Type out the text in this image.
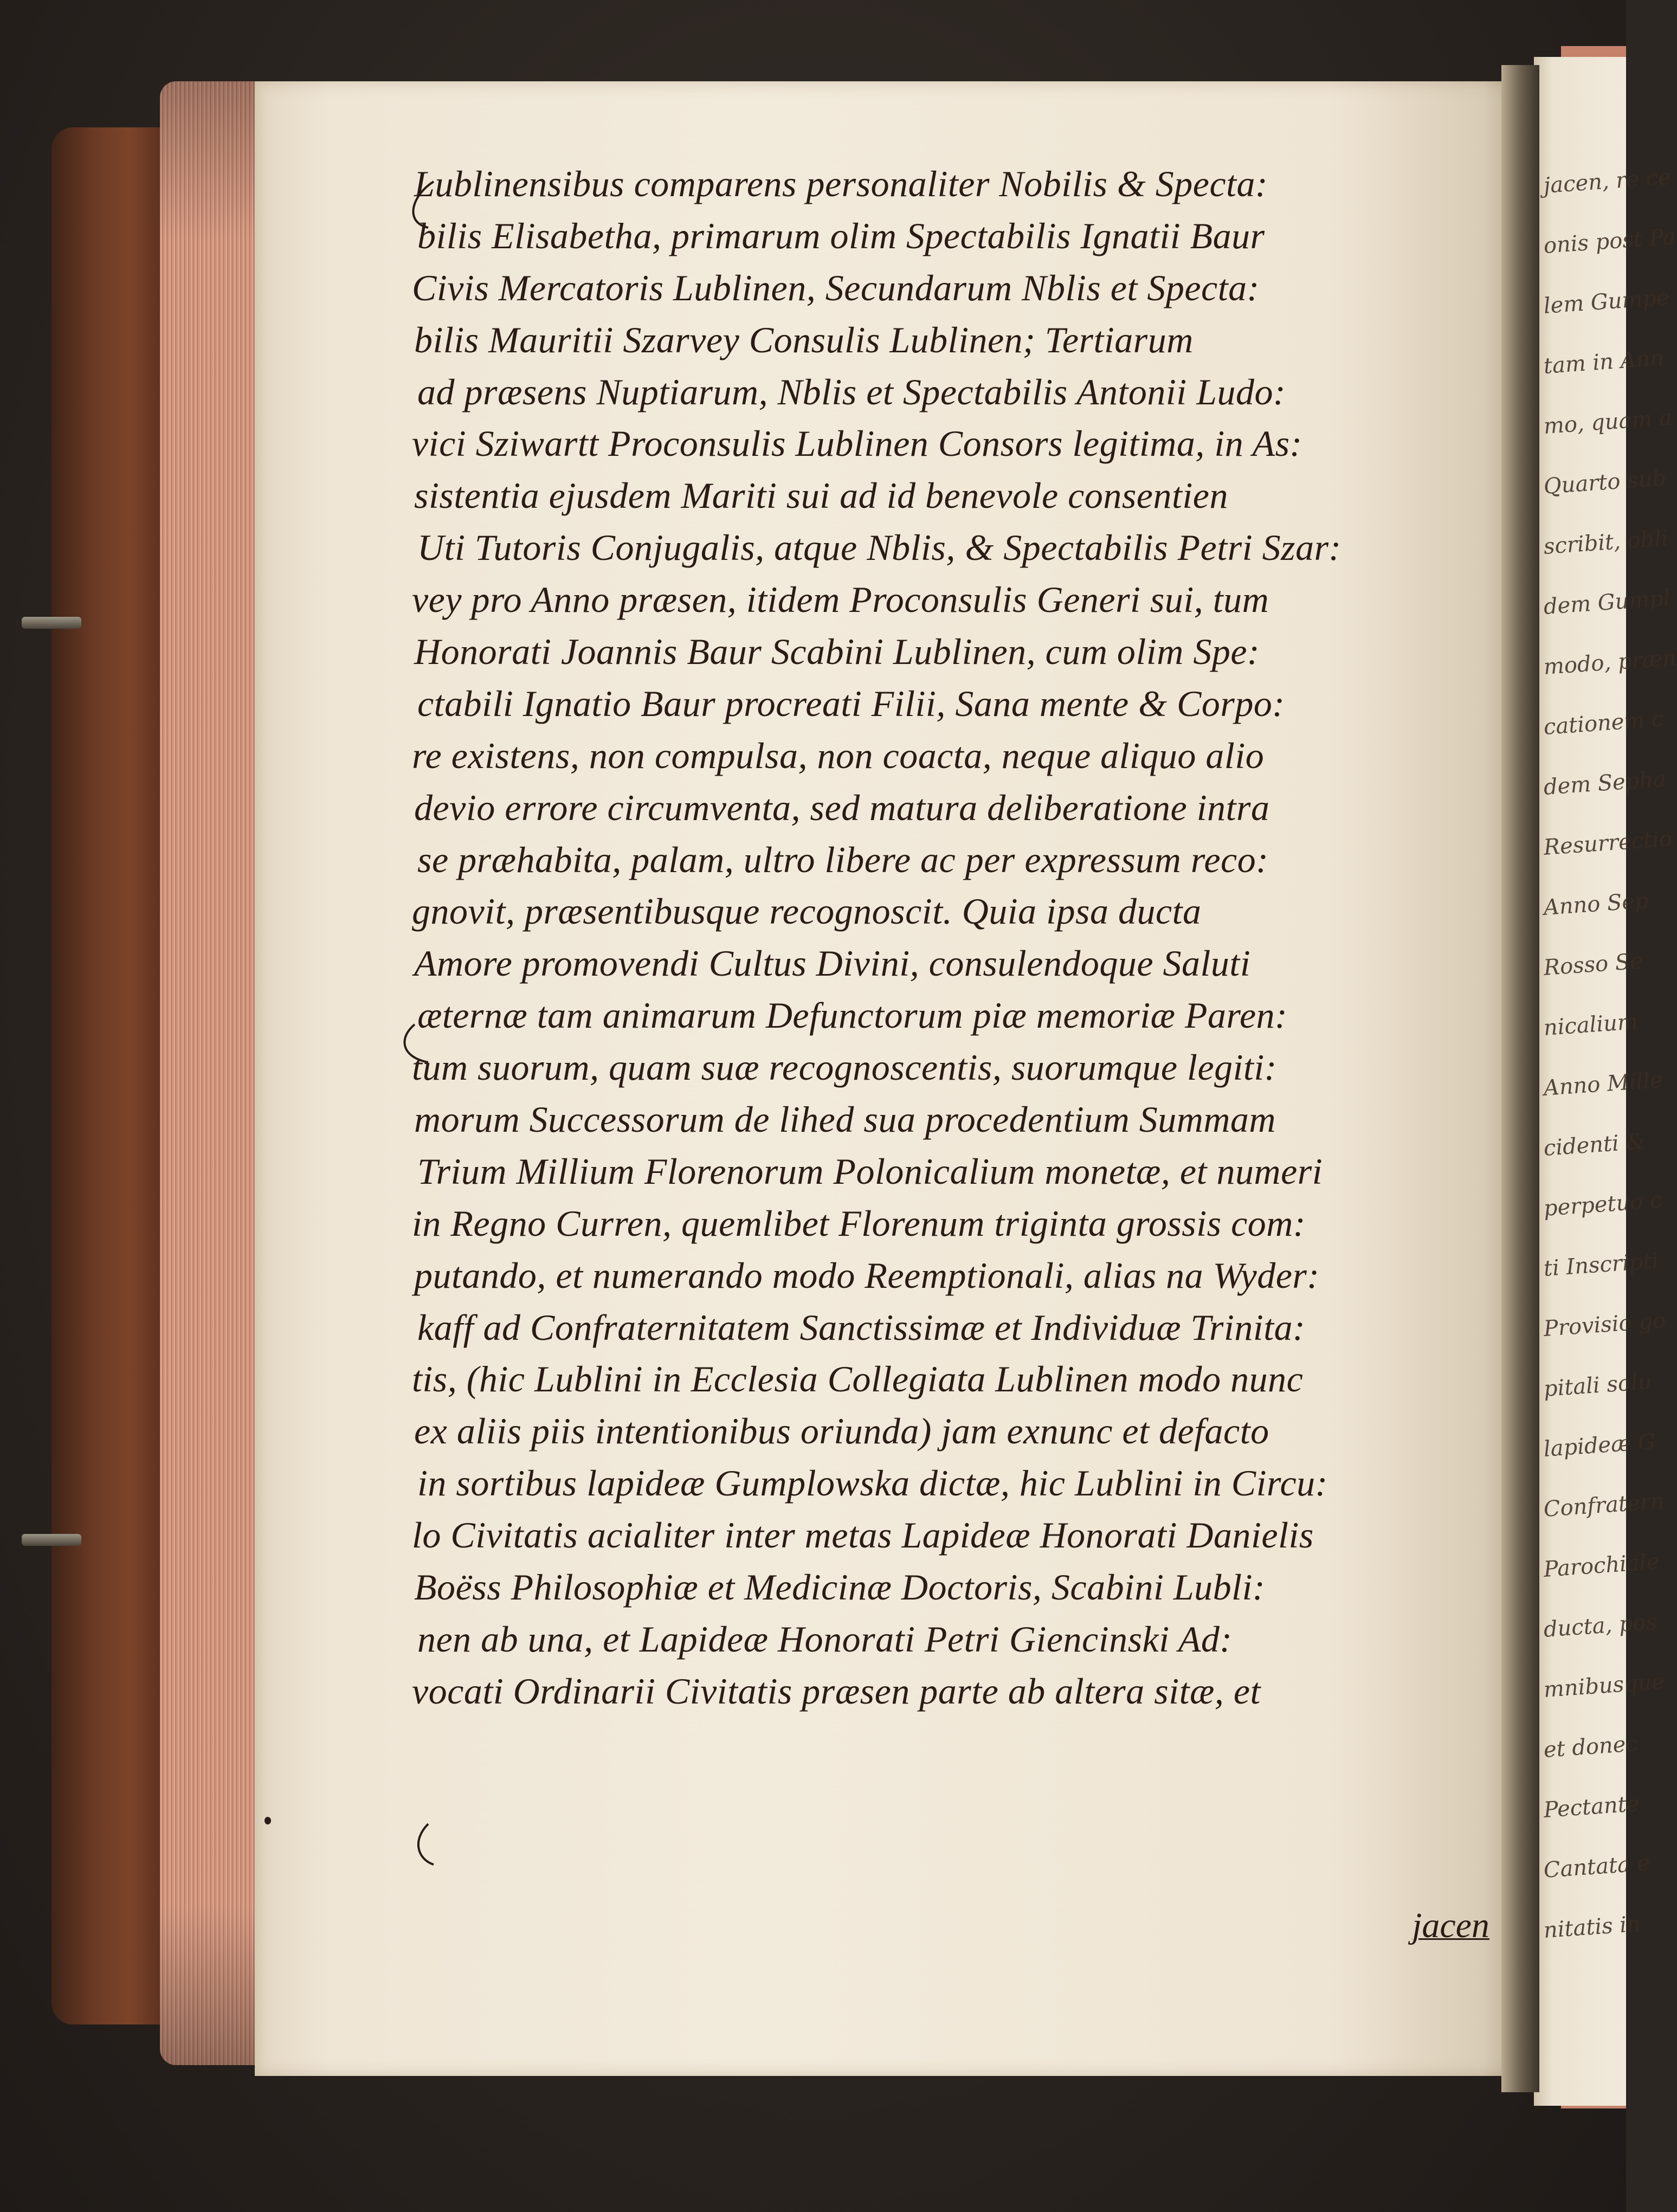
jacen, re ce
onis post Pa
lem Gumpe
tam in Ann
mo, quam a
Quarto sub
scribit, obli
dem Gumpl
modo, præn
cationem c
dem Sepha
Resurrectio
Anno Sep
Rosso Se
nicalium
Anno Mille
cidenti &
perpetuo c
ti Inscripti
Provisio go
pitali solu
lapideæ G
Confratern
Parochiale
ducta, pos
mnibusque
et donec
Pectante
Cantata e
nitatis in
Lublinensibus comparens personaliter Nobilis & Specta:
bilis Elisabetha, primarum olim Spectabilis Ignatii Baur
Civis Mercatoris Lublinen, Secundarum Nblis et Specta:
bilis Mauritii Szarvey Consulis Lublinen; Tertiarum
ad præsens Nuptiarum, Nblis et Spectabilis Antonii Ludo:
vici Sziwartt Proconsulis Lublinen Consors legitima, in As:
sistentia ejusdem Mariti sui ad id benevole consentien
Uti Tutoris Conjugalis, atque Nblis, & Spectabilis Petri Szar:
vey pro Anno præsen, itidem Proconsulis Generi sui, tum
Honorati Joannis Baur Scabini Lublinen, cum olim Spe:
ctabili Ignatio Baur procreati Filii, Sana mente & Corpo:
re existens, non compulsa, non coacta, neque aliquo alio
devio errore circumventa, sed matura deliberatione intra
se præhabita, palam, ultro libere ac per expressum reco:
gnovit, præsentibusque recognoscit. Quia ipsa ducta
Amore promovendi Cultus Divini, consulendoque Saluti
æternæ tam animarum Defunctorum piæ memoriæ Paren:
tum suorum, quam suæ recognoscentis, suorumque legiti:
morum Successorum de lihed sua procedentium Summam
Trium Millium Florenorum Polonicalium monetæ, et numeri
in Regno Curren, quemlibet Florenum triginta grossis com:
putando, et numerando modo Reemptionali, alias na Wyder:
kaff ad Confraternitatem Sanctissimæ et Individuæ Trinita:
tis, (hic Lublini in Ecclesia Collegiata Lublinen modo nunc
ex aliis piis intentionibus oriunda) jam exnunc et defacto
in sortibus lapideæ Gumplowska dictæ, hic Lublini in Circu:
lo Civitatis acialiter inter metas Lapideæ Honorati Danielis
Boëss Philosophiæ et Medicinæ Doctoris, Scabini Lubli:
nen ab una, et Lapideæ Honorati Petri Giencinski Ad:
vocati Ordinarii Civitatis præsen parte ab altera sitæ, et
jacen
